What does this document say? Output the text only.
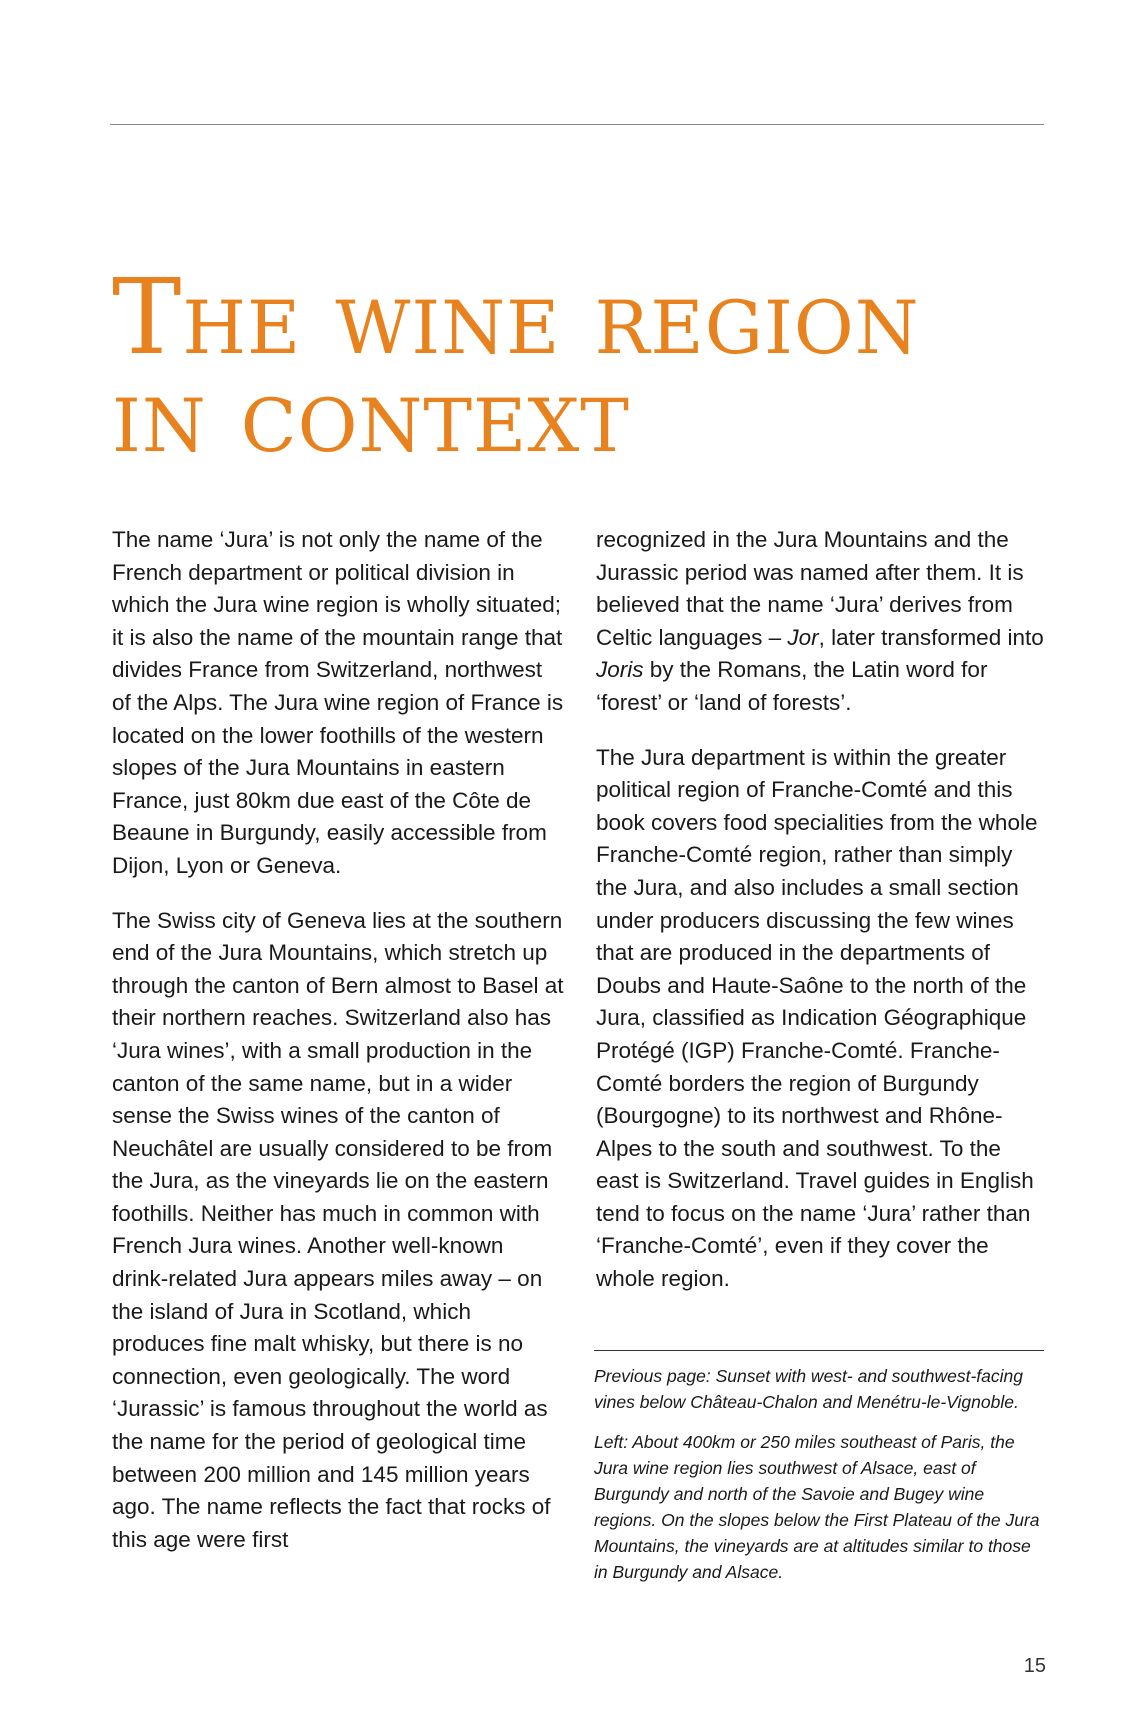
The wine region
in context

The name ‘Jura’ is not only the name of the French department or political division in which the Jura wine region is wholly situated; it is also the name of the mountain range that divides France from Switzerland, northwest of the Alps. The Jura wine region of France is located on the lower foothills of the western slopes of the Jura Mountains in eastern France, just 80km due east of the Côte de Beaune in Burgundy, easily accessible from Dijon, Lyon or Geneva.

The Swiss city of Geneva lies at the southern end of the Jura Mountains, which stretch up through the canton of Bern almost to Basel at their northern reaches. Switzerland also has ‘Jura wines’, with a small production in the canton of the same name, but in a wider sense the Swiss wines of the canton of Neuchâtel are usually considered to be from the Jura, as the vineyards lie on the eastern foothills. Neither has much in common with French Jura wines. Another well-known drink-related Jura appears miles away – on the island of Jura in Scotland, which produces fine malt whisky, but there is no connection, even geologically. The word ‘Jurassic’ is famous throughout the world as the name for the period of geological time between 200 million and 145 million years ago. The name reflects the fact that rocks of this age were first

recognized in the Jura Mountains and the Jurassic period was named after them. It is believed that the name ‘Jura’ derives from Celtic languages – Jor, later transformed into Joris by the Romans, the Latin word for ‘forest’ or ‘land of forests’.

The Jura department is within the greater political region of Franche-Comté and this book covers food specialities from the whole Franche-Comté region, rather than simply the Jura, and also includes a small section under producers discussing the few wines that are produced in the departments of Doubs and Haute-Saône to the north of the Jura, classified as Indication Géographique Protégé (IGP) Franche-Comté. Franche-Comté borders the region of Burgundy (Bourgogne) to its northwest and Rhône-Alpes to the south and southwest. To the east is Switzerland. Travel guides in English tend to focus on the name ‘Jura’ rather than ‘Franche-Comté’, even if they cover the whole region.

Previous page: Sunset with west- and southwest-facing vines below Château-Chalon and Menétru-le-Vignoble.

Left: About 400km or 250 miles southeast of Paris, the Jura wine region lies southwest of Alsace, east of Burgundy and north of the Savoie and Bugey wine regions. On the slopes below the First Plateau of the Jura Mountains, the vineyards are at altitudes similar to those in Burgundy and Alsace.

15
